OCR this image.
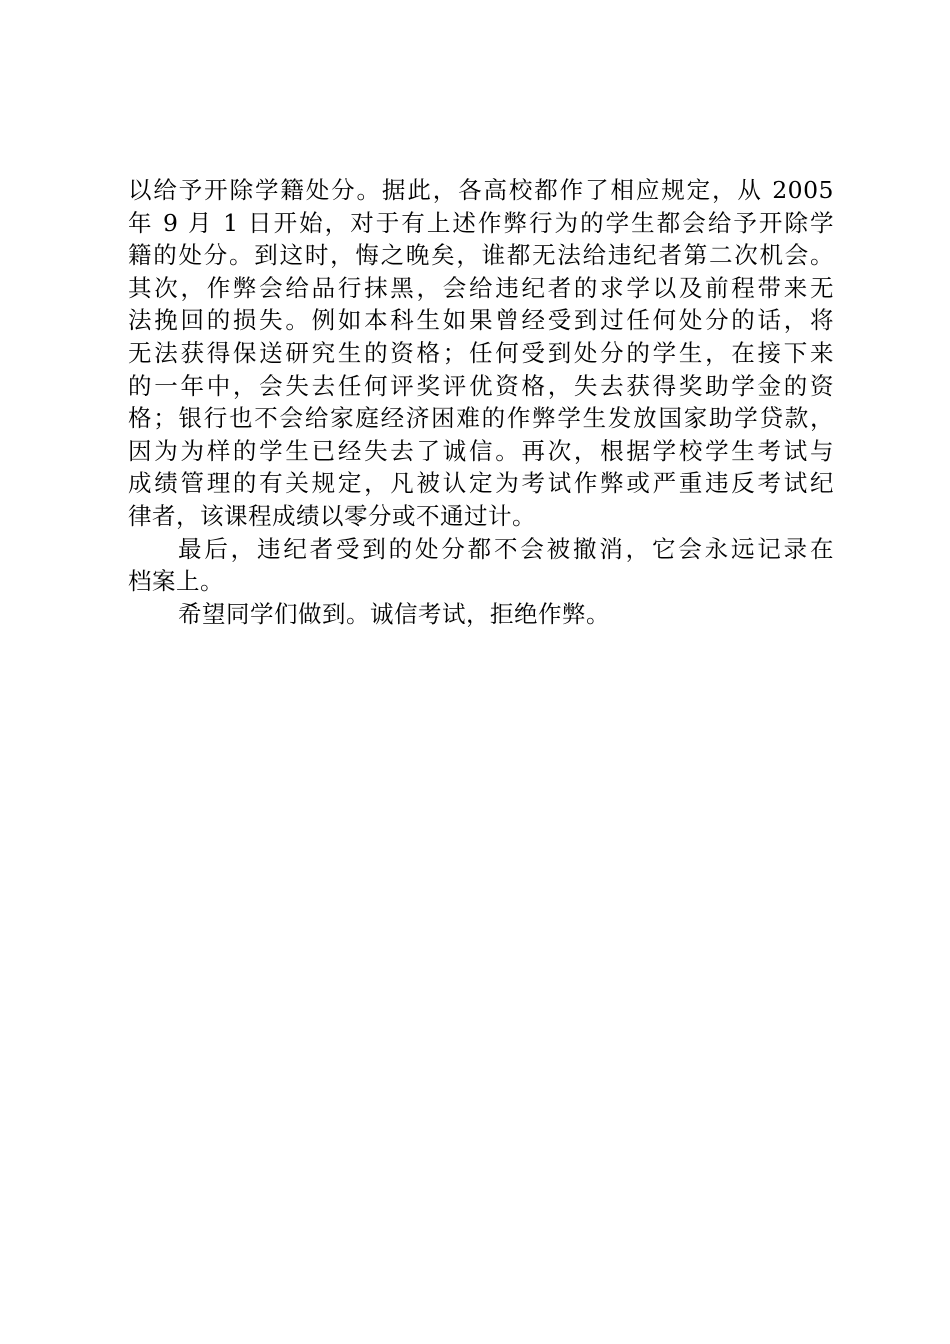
以给予开除学籍处分。据此，各高校都作了相应规定，从 2005
年 9 月 1 日开始，对于有上述作弊行为的学生都会给予开除学
籍的处分。到这时，悔之晚矣，谁都无法给违纪者第二次机会。
其次，作弊会给品行抹黑，会给违纪者的求学以及前程带来无
法挽回的损失。例如本科生如果曾经受到过任何处分的话，将
无法获得保送研究生的资格；任何受到处分的学生，在接下来
的一年中，会失去任何评奖评优资格，失去获得奖助学金的资
格；银行也不会给家庭经济困难的作弊学生发放国家助学贷款，
因为为样的学生已经失去了诚信。再次，根据学校学生考试与
成绩管理的有关规定，凡被认定为考试作弊或严重违反考试纪
律者，该课程成绩以零分或不通过计。
最后，违纪者受到的处分都不会被撤消，它会永远记录在
档案上。
希望同学们做到。诚信考试，拒绝作弊。
